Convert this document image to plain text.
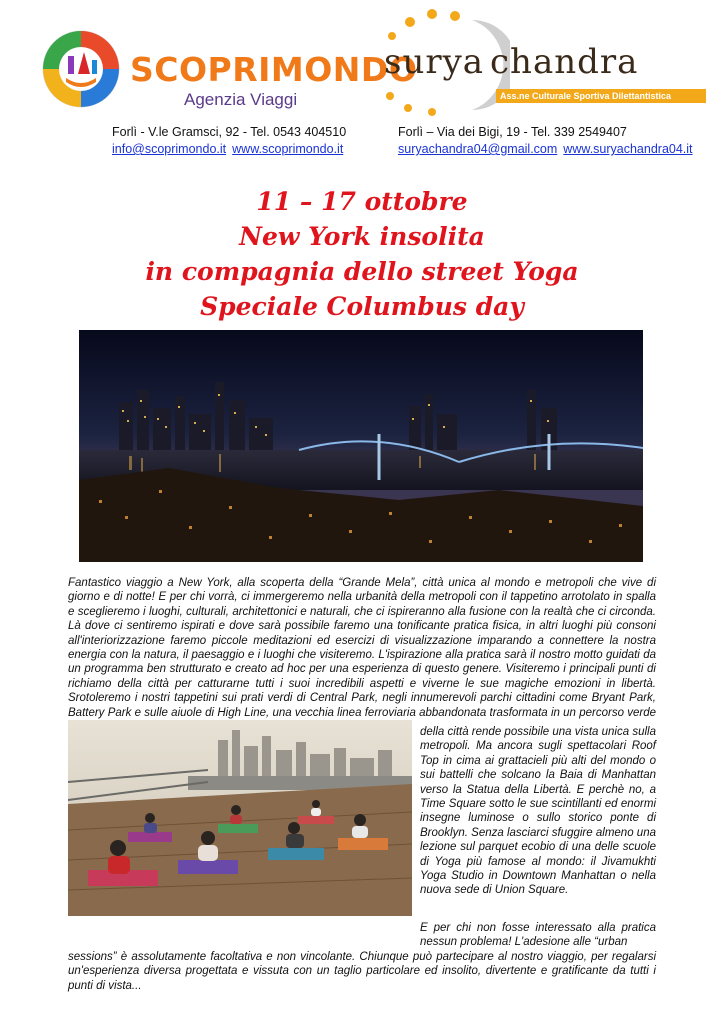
SCOPRIMONDO
Agenzia Viaggi
surya chandra
Ass.ne Culturale Sportiva Dilettantistica
Forlì - V.le Gramsci, 92 - Tel. 0543 404510
info@scoprimondo.it www.scoprimondo.it
Forlì – Via dei Bigi, 19 - Tel. 339 2549407
suryachandra04@gmail.com www.suryachandra04.it
11 – 17 ottobre
New York insolita
in compagnia dello street Yoga
Speciale Columbus day
Fantastico viaggio a New York, alla scoperta della “Grande Mela”, città unica al mondo e metropoli che vive di giorno e di notte! E per chi vorrà, ci immergeremo nella urbanità della metropoli con il tappetino arrotolato in spalla e sceglieremo i luoghi, culturali, architettonici e naturali, che ci ispireranno alla fusione con la realtà che ci circonda. Là dove ci sentiremo ispirati e dove sarà possibile faremo una tonificante pratica fisica, in altri luoghi più consoni all'interiorizzazione faremo piccole meditazioni ed esercizi di visualizzazione imparando a connettere la nostra energia con la natura, il paesaggio e i luoghi che visiteremo. L'ispirazione alla pratica sarà il nostro motto guidati da un programma ben strutturato e creato ad hoc per una esperienza di questo genere. Visiteremo i principali punti di richiamo della città per catturarne tutti i suoi incredibili aspetti e viverne le sue magiche emozioni in libertà. Srotoleremo i nostri tappetini sui prati verdi di Central Park, negli innumerevoli parchi cittadini come Bryant Park, Battery Park e sulle aiuole di High Line, una vecchia linea ferroviaria abbandonata trasformata in un percorso verde
della città rende possibile una vista unica sulla metropoli. Ma ancora sugli spettacolari Roof Top in cima ai grattacieli più alti del mondo o sui battelli che solcano la Baia di Manhattan verso la Statua della Libertà. E perchè no, a Time Square sotto le sue scintillanti ed enormi insegne luminose o sullo storico ponte di Brooklyn. Senza lasciarci sfuggire almeno una lezione sul parquet ecobio di una delle scuole di Yoga più famose al mondo: il Jivamukhti Yoga Studio in Downtown Manhattan o nella nuova sede di Union Square.
E per chi non fosse interessato alla pratica nessun problema! L'adesione alle “urban
sessions” è assolutamente facoltativa e non vincolante. Chiunque può partecipare al nostro viaggio, per regalarsi un'esperienza diversa progettata e vissuta con un taglio particolare ed insolito, divertente e gratificante da tutti i punti di vista...
